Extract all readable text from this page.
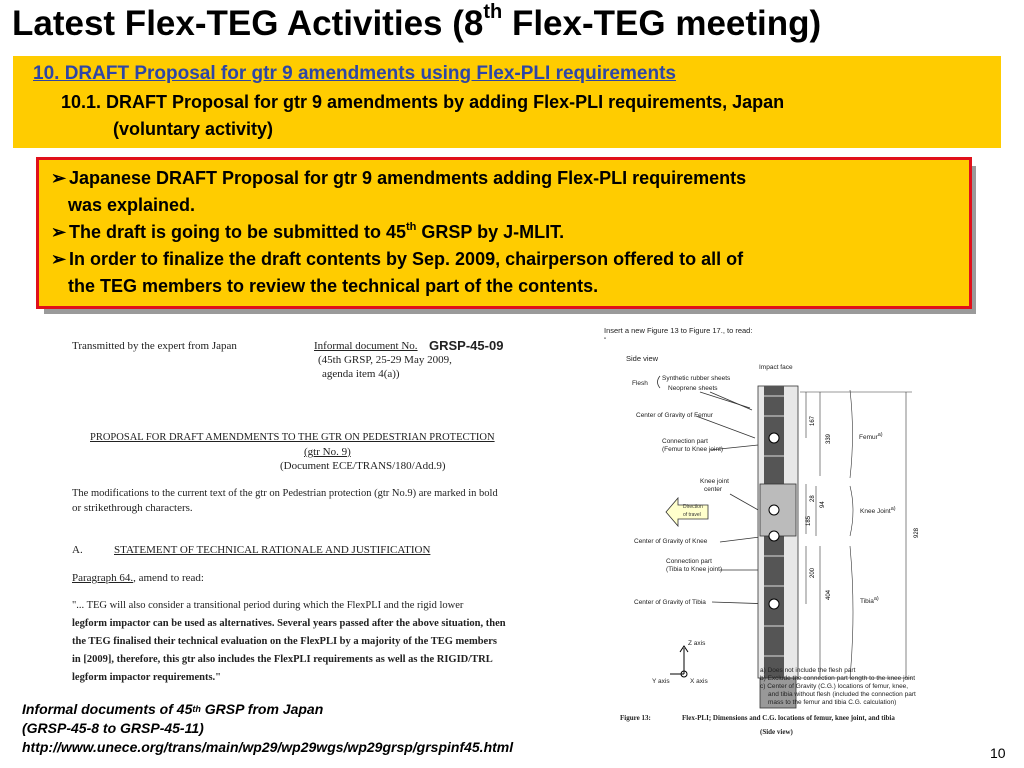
Latest Flex-TEG Activities (8th Flex-TEG meeting)
10. DRAFT Proposal for gtr 9 amendments using Flex-PLI requirements
10.1. DRAFT Proposal for gtr 9 amendments by adding Flex-PLI requirements, Japan
(voluntary activity)
➢ Japanese DRAFT Proposal for gtr 9 amendments adding Flex-PLI requirements
was explained.
➢ The draft is going to be submitted to 45th GRSP by J-MLIT.
➢ In order to finalize the draft contents by Sep. 2009, chairperson offered to all of
the TEG members to review the technical part of the contents.
Transmitted by the expert from Japan	Informal document No. GRSP-45-09
(45th GRSP, 25-29 May 2009,
agenda item 4(a))
PROPOSAL FOR DRAFT AMENDMENTS TO THE GTR ON PEDESTRIAN PROTECTION
(gtr No. 9)
(Document ECE/TRANS/180/Add.9)
The modifications to the current text of the gtr on Pedestrian protection (gtr No.9) are marked in bold
or strikethrough characters.
A.	STATEMENT OF TECHNICAL RATIONALE AND JUSTIFICATION
Paragraph 64., amend to read:
"... TEG will also consider a transitional period during which the FlexPLI and the rigid lower
legform impactor can be used as alternatives. Several years passed after the above situation, then
the TEG finalised their technical evaluation on the FlexPLI by a majority of the TEG members
in [2009], therefore, this gtr also includes the FlexPLI requirements as well as the RIGID/TRL
legform impactor requirements."
Insert a new Figure 13 to Figure 17., to read:
"
Side view
Impact face
Flesh
Synthetic rubber sheets
Neoprene sheets
Center of Gravity of Femur
Connection part
(Femur to Knee joint)
Knee joint
center
Center of Gravity of Knee
Connection part
(Tibia to Knee joint)
Center of Gravity of Tibia
Femur$^{a)}$
Knee Joint$^{a)}$
Tibia$^{a)}$
167
339
28
94
185
928
200
404
Direction
of travel
Z axis
Y axis	X axis
a) Does not include the flesh part
b) Exclude the connection part length to the knee joint
c) Center of Gravity (C.G.) locations of femur, knee,
and tibia without flesh (included the connection part
mass to the femur and tibia C.G. calculation)
Figure 13:	Flex-PLI; Dimensions and C.G. locations of femur, knee joint, and tibia
(Side view)
Informal documents of 45th GRSP from Japan
(GRSP-45-8 to GRSP-45-11)
http://www.unece.org/trans/main/wp29/wp29wgs/wp29grsp/grspinf45.html	10
